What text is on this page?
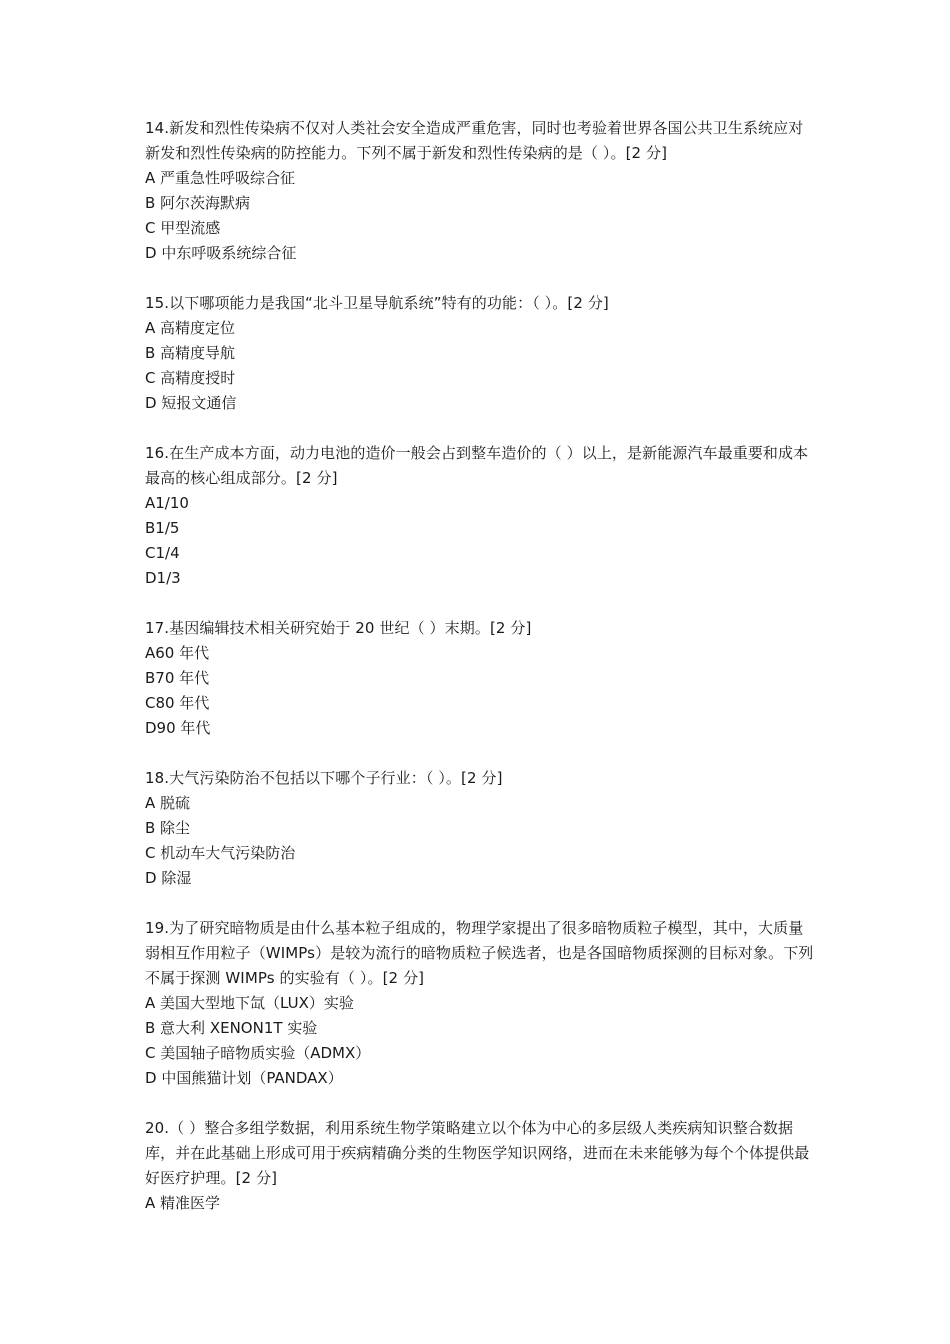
14.新发和烈性传染病不仅对人类社会安全造成严重危害，同时也考验着世界各国公共卫生系统应对新发和烈性传染病的防控能力。下列不属于新发和烈性传染病的是（ ）。[2 分]

A 严重急性呼吸综合征

B 阿尔茨海默病

C 甲型流感

D 中东呼吸系统综合征

15.以下哪项能力是我国“北斗卫星导航系统”特有的功能：（ ）。[2 分]

A 高精度定位

B 高精度导航

C 高精度授时

D 短报文通信

16.在生产成本方面，动力电池的造价一般会占到整车造价的（ ）以上，是新能源汽车最重要和成本最高的核心组成部分。[2 分]

A1/10

B1/5

C1/4

D1/3

17.基因编辑技术相关研究始于 20 世纪（ ）末期。[2 分]

A60 年代

B70 年代

C80 年代

D90 年代

18.大气污染防治不包括以下哪个子行业：（ ）。[2 分]

A 脱硫

B 除尘

C 机动车大气污染防治

D 除湿

19.为了研究暗物质是由什么基本粒子组成的，物理学家提出了很多暗物质粒子模型，其中，大质量弱相互作用粒子（WIMPs）是较为流行的暗物质粒子候选者，也是各国暗物质探测的目标对象。下列不属于探测 WIMPs 的实验有（ ）。[2 分]

A 美国大型地下氙（LUX）实验

B 意大利 XENON1T 实验

C 美国轴子暗物质实验（ADMX）

D 中国熊猫计划（PANDAX）

20.（ ）整合多组学数据，利用系统生物学策略建立以个体为中心的多层级人类疾病知识整合数据库，并在此基础上形成可用于疾病精确分类的生物医学知识网络，进而在未来能够为每个个体提供最好医疗护理。[2 分]

A 精准医学
